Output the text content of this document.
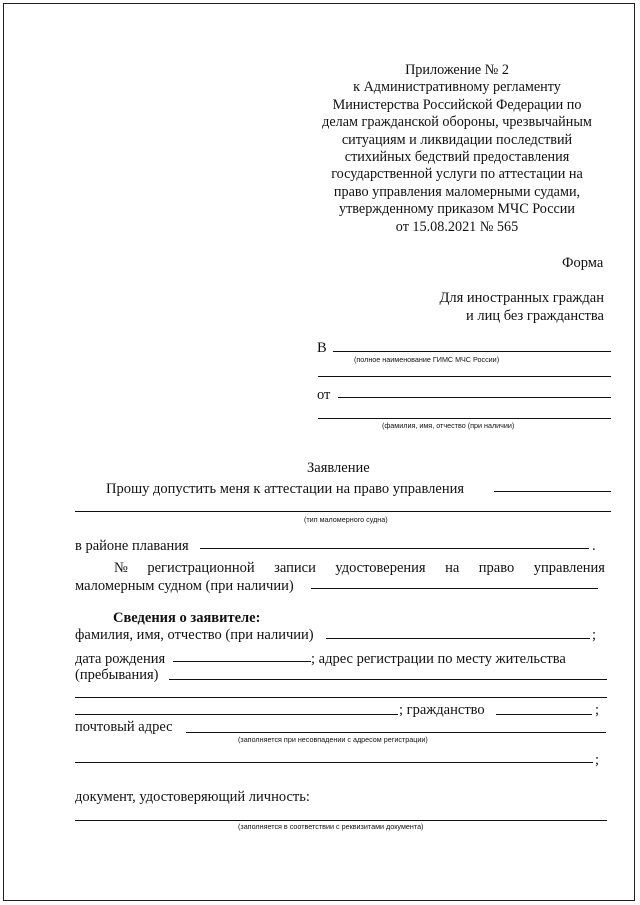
Приложение № 2
к Административному регламенту
Министерства Российской Федерации по
делам гражданской обороны, чрезвычайным
ситуациям и ликвидации последствий
стихийных бедствий предоставления
государственной услуги по аттестации на
право управления маломерными судами,
утвержденному приказом МЧС России
от 15.08.2021 № 565
Форма
Для иностранных граждан
и лиц без гражданства
В
(полное наименование ГИМС МЧС России)
от
(фамилия, имя, отчество (при наличии)
Заявление
Прошу допустить меня к аттестации на право управления
(тип маломерного судна)
в районе плавания	.
№ регистрационной записи удостоверения на право управления
маломерным судном (при наличии)
Сведения о заявителе:
фамилия, имя, отчество (при наличии)	;
дата рождения	; адрес регистрации по месту жительства
(пребывания)
; гражданство	;
почтовый адрес
(заполняется при несовпадении с адресом регистрации)
;
документ, удостоверяющий личность:
(заполняется в соответствии с реквизитами документа)
